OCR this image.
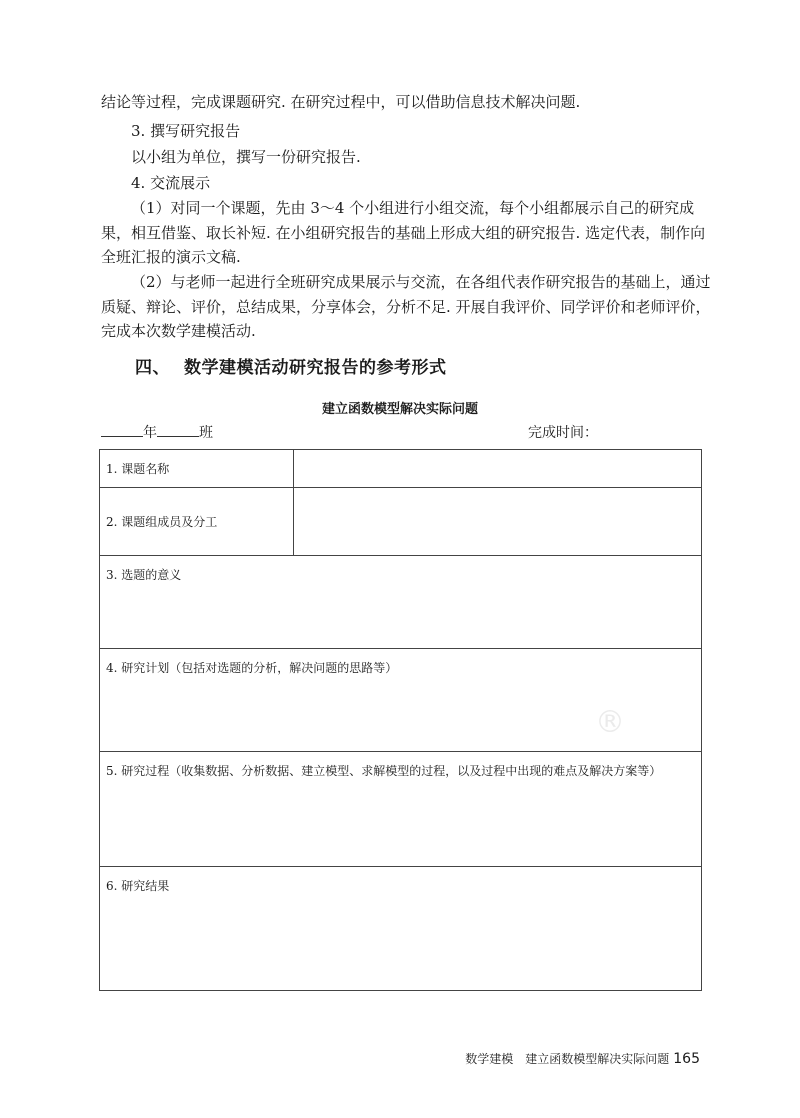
®

结论等过程，完成课题研究. 在研究过程中，可以借助信息技术解决问题.

3. 撰写研究报告

以小组为单位，撰写一份研究报告.

4. 交流展示

（1）对同一个课题，先由 3～4 个小组进行小组交流，每个小组都展示自己的研究成果，相互借鉴、取长补短. 在小组研究报告的基础上形成大组的研究报告. 选定代表，制作向全班汇报的演示文稿.

（2）与老师一起进行全班研究成果展示与交流，在各组代表作研究报告的基础上，通过质疑、辩论、评价，总结成果，分享体会，分析不足. 开展自我评价、同学评价和老师评价，完成本次数学建模活动.

四、 数学建模活动研究报告的参考形式
建立函数模型解决实际问题
年	班	完成时间：
1. 课题名称	
2. 课题组成员及分工	

3. 选题的意义	

4. 研究计划（包括对选题的分析，解决问题的思路等）	

5. 研究过程（收集数据、分析数据、建立模型、求解模型的过程，以及过程中出现的难点及解决方案等）	

6. 研究结果	
数学建模　建立函数模型解决实际问题 165
